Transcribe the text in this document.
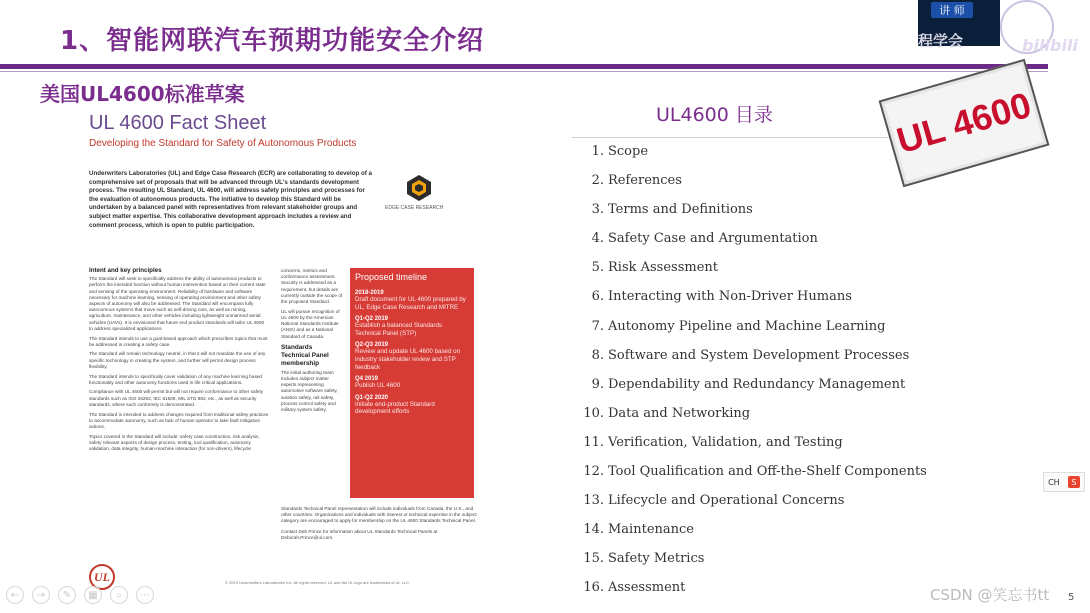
1、智能网联汽车预期功能安全介绍
美国UL4600标准草案
UL 4600 Fact Sheet
Developing the Standard for Safety of Autonomous Products
Underwriters Laboratories (UL) and Edge Case Research (ECR) are collaborating to develop of a comprehensive set of proposals that will be advanced through UL's standards development process. The resulting UL Standard, UL 4600, will address safety principles and processes for the evaluation of autonomous products. The initiative to develop this Standard will be undertaken by a balanced panel with representatives from relevant stakeholder groups and subject matter expertise. This collaborative development approach includes a review and comment process, which is open to public participation.
EDGE CASE RESEARCH
Intent and key principles

The Standard will seek to specifically address the ability of autonomous products to perform the intended function without human intervention based on their current state and sensing of the operating environment. Reliability of hardware and software necessary for machine learning, sensing of operating environment and other safety aspects of autonomy will also be addressed. The Standard will encompass fully autonomous systems that move such as self-driving cars, as well as mining, agriculture, maintenance, and other vehicles including lightweight unmanned aerial vehicles (UAVs). It is envisioned that future end product standards will tailor UL 4600 to address specialized applications.

The Standard intends to use a goal-based approach which prescribes topics that must be addressed in creating a safety case.

The Standard will remain technology neutral, in that it will not mandate the use of any specific technology in creating the system, and further will permit design process flexibility.

The Standard intends to specifically cover validation of any machine learning based functionality and other autonomy functions used in life critical applications.

Compliance with UL 4600 will permit but will not require conformance to other safety standards such as ISO 26262, IEC 61508, MIL STD 882, etc., as well as security standards, where such conformity is demonstrated.

The Standard is intended to address changes required from traditional safety practices to accommodate autonomy, such as lack of human operator to take fault mitigation actions.

Topics covered in the Standard will include: safety case construction, risk analysis, safety relevant aspects of design process, testing, tool qualification, autonomy validation, data integrity, human-machine interaction (for non-drivers), lifecycle

concerns, metrics and conformance assessment. Security is addressed as a requirement, but details are currently outside the scope of the proposed Standard.

UL will pursue recognition of UL 4600 by the American National Standards Institute (ANSI) and as a National Standard of Canada.

Standards Technical Panel membership

The initial authoring team includes subject matter experts representing automotive software safety, aviation safety, rail safety, process control safety and military system safety.

Proposed timeline
2018-2019
Draft document for UL 4600 prepared by UL, Edge Case Research and MITRE
Q1-Q2 2019
Establish a balanced Standards Technical Panel (STP)
Q2-Q3 2019
Review and update UL 4600 based on industry stakeholder review and STP feedback
Q4 2019
Publish UL 4600
Q1-Q2 2020
Initiate end-product Standard development efforts

Standards Technical Panel representation will include individuals from Canada, the U.S., and other countries. Organizations and individuals with interest or technical expertise in the subject category are encouraged to apply for membership on the UL 4600 Standards Technical Panel.

Contact Deb Prince for information about UL Standards Technical Panels at Deborah.Prince@ul.com.

UL	© 2019 Underwriters Laboratories Inc. All rights reserved. UL and the UL logo are trademarks of UL LLC.
UL4600 目录
1. Scope
2. References
3. Terms and Definitions
4. Safety Case and Argumentation
5. Risk Assessment
6. Interacting with Non-Driver Humans
7. Autonomy Pipeline and Machine Learning
8. Software and System Development Processes
9. Dependability and Redundancy Management
10. Data and Networking
11. Verification, Validation, and Testing
12. Tool Qualification and Off-the-Shelf Components
13. Lifecycle and Operational Concerns
14. Maintenance
15. Safety Metrics
16. Assessment
UL 4600
5
←	→	✎	▦	⌕	⋯
讲 师
程学会	bilibili
CH	S
CSDN @笑忘书tt
